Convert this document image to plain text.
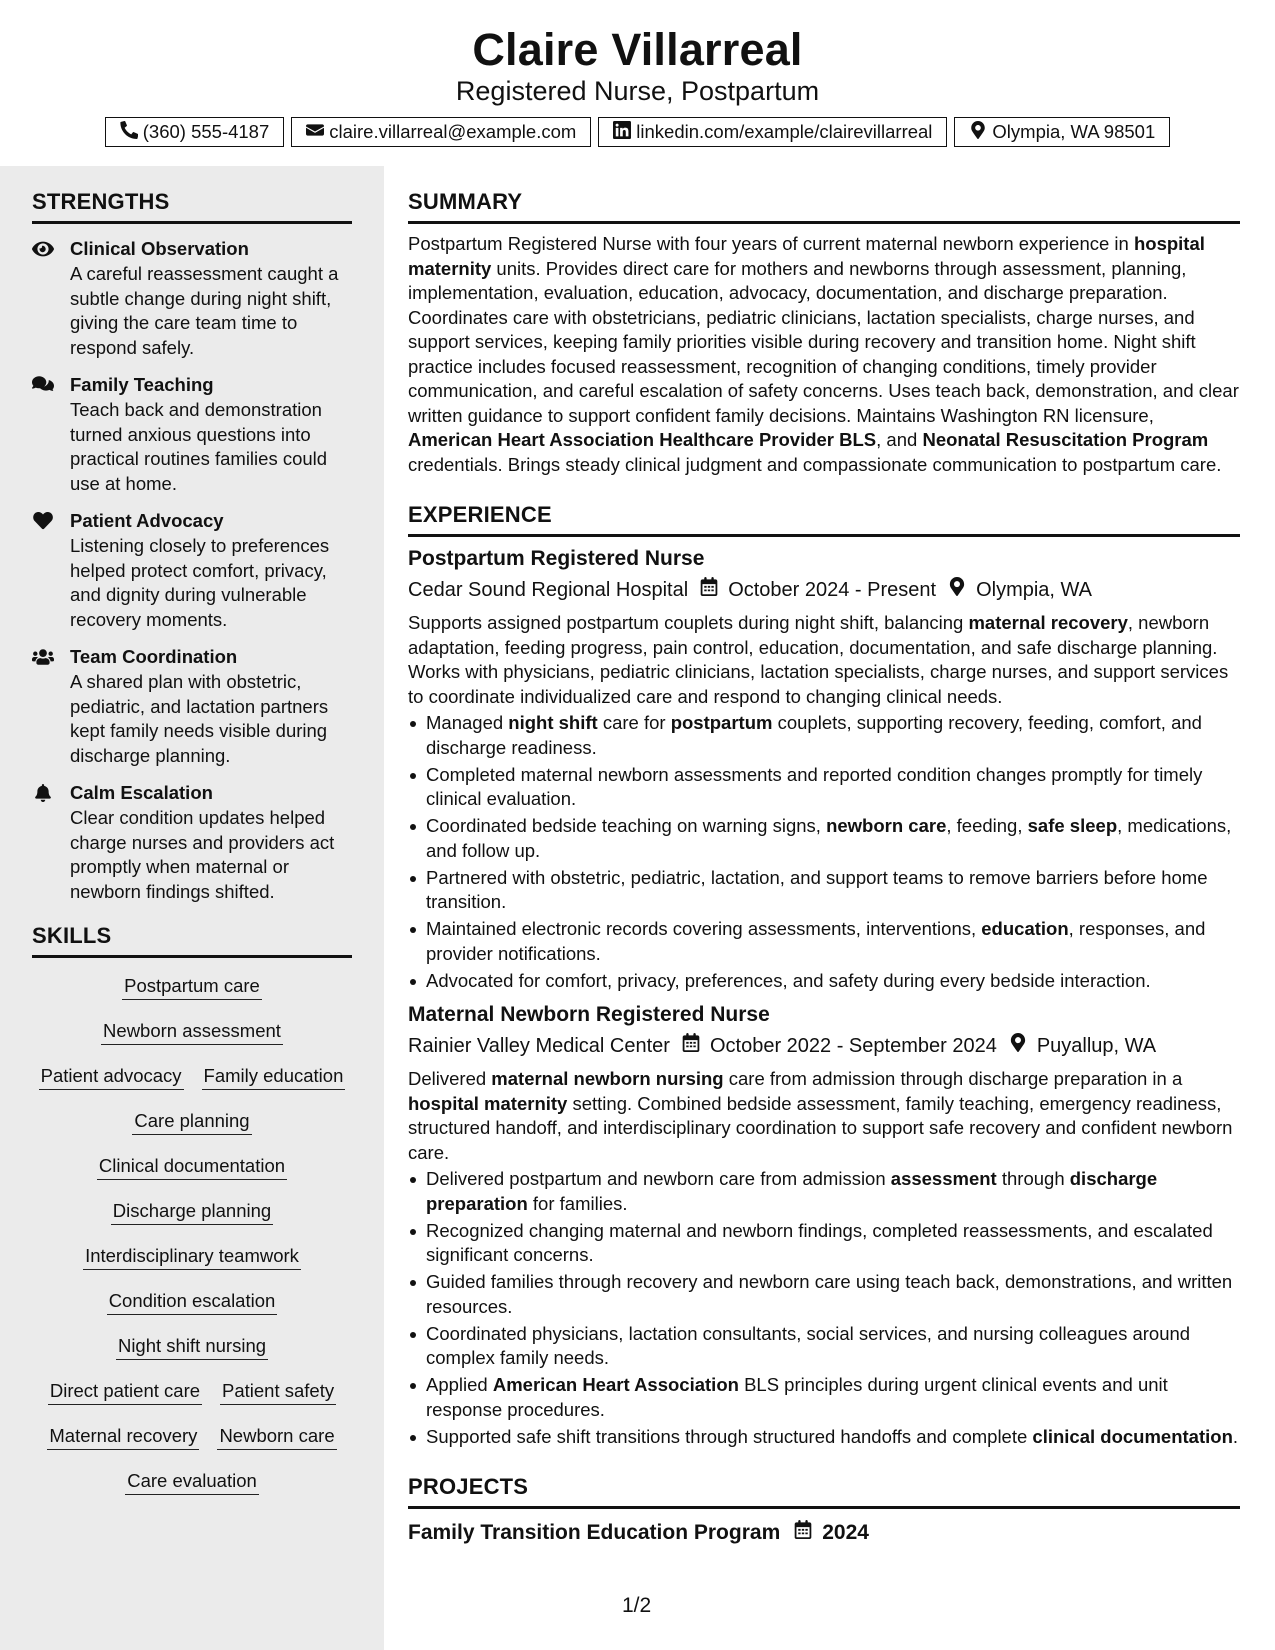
Claire Villarreal
Registered Nurse, Postpartum
(360) 555-4187	claire.villarreal@example.com	linkedin.com/example/clairevillarreal	Olympia, WA 98501
STRENGTHS
Clinical Observation
A careful reassessment caught a subtle change during night shift, giving the care team time to respond safely.
Family Teaching
Teach back and demonstration turned anxious questions into practical routines families could use at home.
Patient Advocacy
Listening closely to preferences helped protect comfort, privacy, and dignity during vulnerable recovery moments.
Team Coordination
A shared plan with obstetric, pediatric, and lactation partners kept family needs visible during discharge planning.
Calm Escalation
Clear condition updates helped charge nurses and providers act promptly when maternal or newborn findings shifted.
SKILLS
Postpartum care
Newborn assessment
Patient advocacy Family education
Care planning
Clinical documentation
Discharge planning
Interdisciplinary teamwork
Condition escalation
Night shift nursing
Direct patient care Patient safety
Maternal recovery Newborn care
Care evaluation
SUMMARY

Postpartum Registered Nurse with four years of current maternal newborn experience in hospital maternity units. Provides direct care for mothers and newborns through assessment, planning, implementation, evaluation, education, advocacy, documentation, and discharge preparation. Coordinates care with obstetricians, pediatric clinicians, lactation specialists, charge nurses, and support services, keeping family priorities visible during recovery and transition home. Night shift practice includes focused reassessment, recognition of changing conditions, timely provider communication, and careful escalation of safety concerns. Uses teach back, demonstration, and clear written guidance to support confident family decisions. Maintains Washington RN licensure, American Heart Association Healthcare Provider BLS, and Neonatal Resuscitation Program credentials. Brings steady clinical judgment and compassionate communication to postpartum care.

EXPERIENCE
Postpartum Registered Nurse
Cedar Sound Regional Hospital October 2024 - Present Olympia, WA

Supports assigned postpartum couplets during night shift, balancing maternal recovery, newborn adaptation, feeding progress, pain control, education, documentation, and safe discharge planning. Works with physicians, pediatric clinicians, lactation specialists, charge nurses, and support services to coordinate individualized care and respond to changing clinical needs.

Managed night shift care for postpartum couplets, supporting recovery, feeding, comfort, and discharge readiness.
Completed maternal newborn assessments and reported condition changes promptly for timely clinical evaluation.
Coordinated bedside teaching on warning signs, newborn care, feeding, safe sleep, medications, and follow up.
Partnered with obstetric, pediatric, lactation, and support teams to remove barriers before home transition.
Maintained electronic records covering assessments, interventions, education, responses, and provider notifications.
Advocated for comfort, privacy, preferences, and safety during every bedside interaction.
Maternal Newborn Registered Nurse
Rainier Valley Medical Center October 2022 - September 2024 Puyallup, WA

Delivered maternal newborn nursing care from admission through discharge preparation in a hospital maternity setting. Combined bedside assessment, family teaching, emergency readiness, structured handoff, and interdisciplinary coordination to support safe recovery and confident newborn care.

Delivered postpartum and newborn care from admission assessment through discharge preparation for families.
Recognized changing maternal and newborn findings, completed reassessments, and escalated significant concerns.
Guided families through recovery and newborn care using teach back, demonstrations, and written resources.
Coordinated physicians, lactation consultants, social services, and nursing colleagues around complex family needs.
Applied American Heart Association BLS principles during urgent clinical events and unit response procedures.
Supported safe shift transitions through structured handoffs and complete clinical documentation.
PROJECTS
Family Transition Education Program 2024
1/2
